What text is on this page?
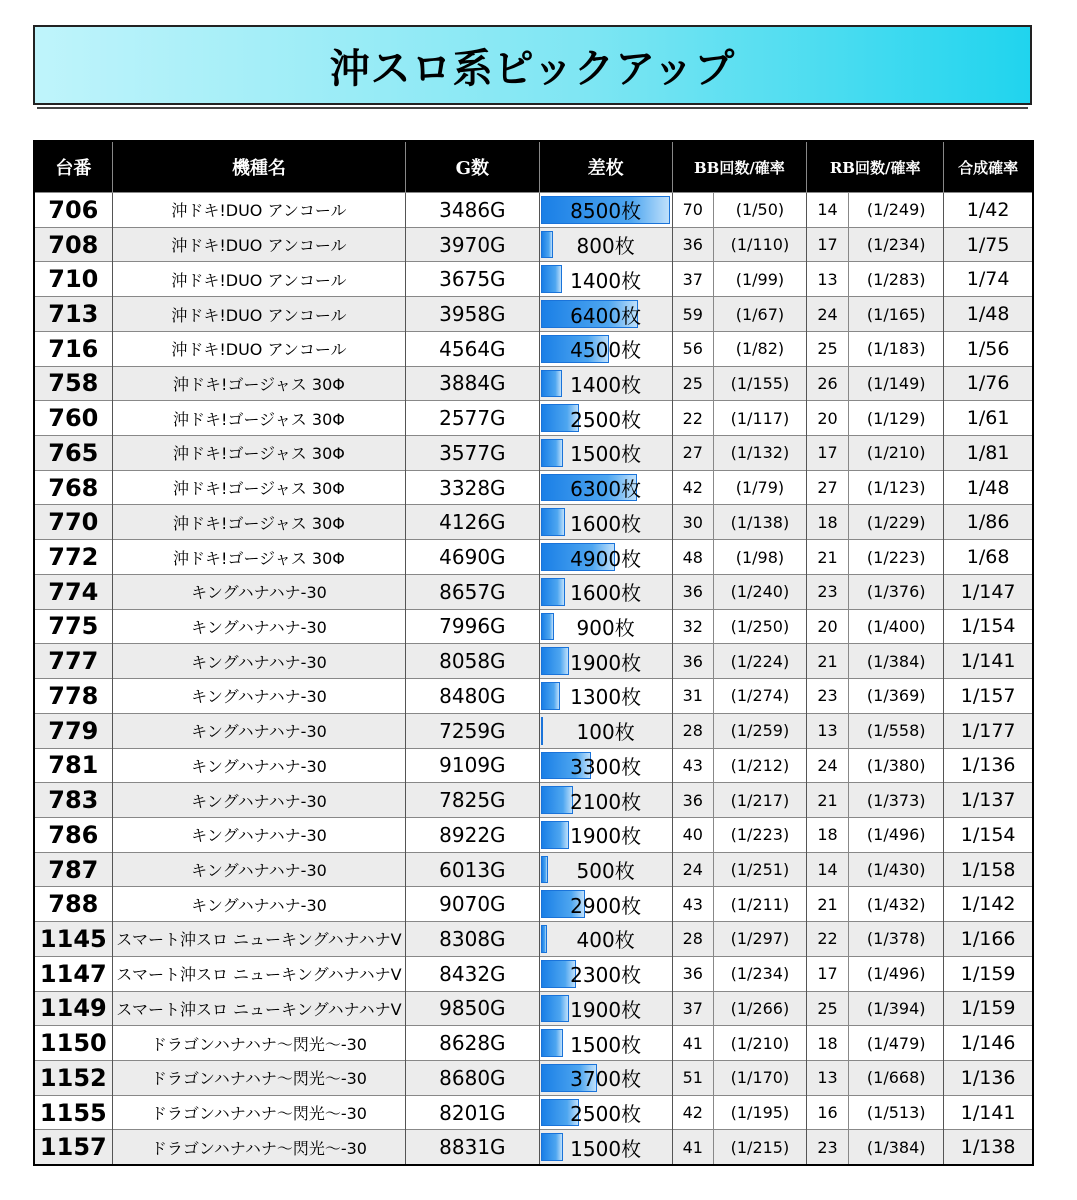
沖スロ系ピックアップ
台番	機種名	G数	差枚	BB回数/確率		RB回数/確率		合成確率
706	沖ドキ!DUO アンコール	3486G	8500枚	70	(1/50)	14	(1/249)	1/42
708	沖ドキ!DUO アンコール	3970G	800枚	36	(1/110)	17	(1/234)	1/75
710	沖ドキ!DUO アンコール	3675G	1400枚	37	(1/99)	13	(1/283)	1/74
713	沖ドキ!DUO アンコール	3958G	6400枚	59	(1/67)	24	(1/165)	1/48
716	沖ドキ!DUO アンコール	4564G	4500枚	56	(1/82)	25	(1/183)	1/56
758	沖ドキ!ゴージャス 30Φ	3884G	1400枚	25	(1/155)	26	(1/149)	1/76
760	沖ドキ!ゴージャス 30Φ	2577G	2500枚	22	(1/117)	20	(1/129)	1/61
765	沖ドキ!ゴージャス 30Φ	3577G	1500枚	27	(1/132)	17	(1/210)	1/81
768	沖ドキ!ゴージャス 30Φ	3328G	6300枚	42	(1/79)	27	(1/123)	1/48
770	沖ドキ!ゴージャス 30Φ	4126G	1600枚	30	(1/138)	18	(1/229)	1/86
772	沖ドキ!ゴージャス 30Φ	4690G	4900枚	48	(1/98)	21	(1/223)	1/68
774	キングハナハナ-30	8657G	1600枚	36	(1/240)	23	(1/376)	1/147
775	キングハナハナ-30	7996G	900枚	32	(1/250)	20	(1/400)	1/154
777	キングハナハナ-30	8058G	1900枚	36	(1/224)	21	(1/384)	1/141
778	キングハナハナ-30	8480G	1300枚	31	(1/274)	23	(1/369)	1/157
779	キングハナハナ-30	7259G	100枚	28	(1/259)	13	(1/558)	1/177
781	キングハナハナ-30	9109G	3300枚	43	(1/212)	24	(1/380)	1/136
783	キングハナハナ-30	7825G	2100枚	36	(1/217)	21	(1/373)	1/137
786	キングハナハナ-30	8922G	1900枚	40	(1/223)	18	(1/496)	1/154
787	キングハナハナ-30	6013G	500枚	24	(1/251)	14	(1/430)	1/158
788	キングハナハナ-30	9070G	2900枚	43	(1/211)	21	(1/432)	1/142
1145	スマート沖スロ ニューキングハナハナV	8308G	400枚	28	(1/297)	22	(1/378)	1/166
1147	スマート沖スロ ニューキングハナハナV	8432G	2300枚	36	(1/234)	17	(1/496)	1/159
1149	スマート沖スロ ニューキングハナハナV	9850G	1900枚	37	(1/266)	25	(1/394)	1/159
1150	ドラゴンハナハナ〜閃光〜-30	8628G	1500枚	41	(1/210)	18	(1/479)	1/146
1152	ドラゴンハナハナ〜閃光〜-30	8680G	3700枚	51	(1/170)	13	(1/668)	1/136
1155	ドラゴンハナハナ〜閃光〜-30	8201G	2500枚	42	(1/195)	16	(1/513)	1/141
1157	ドラゴンハナハナ〜閃光〜-30	8831G	1500枚	41	(1/215)	23	(1/384)	1/138
